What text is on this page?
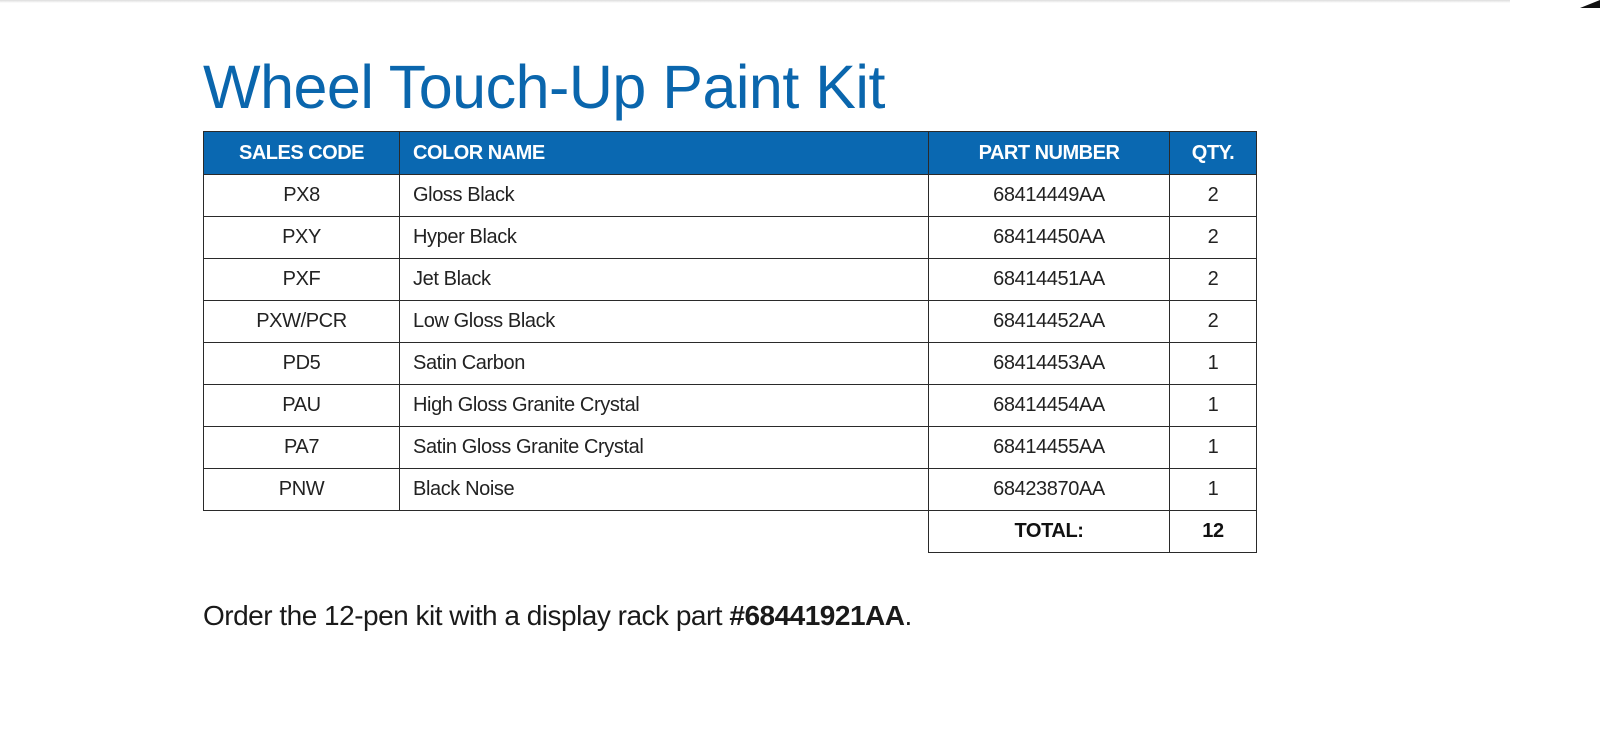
Wheel Touch-Up Paint Kit
SALES CODE	COLOR NAME	PART NUMBER	QTY.
PX8	Gloss Black	68414449AA	2
PXY	Hyper Black	68414450AA	2
PXF	Jet Black	68414451AA	2
PXW/PCR	Low Gloss Black	68414452AA	2
PD5	Satin Carbon	68414453AA	1
PAU	High Gloss Granite Crystal	68414454AA	1
PA7	Satin Gloss Granite Crystal	68414455AA	1
PNW	Black Noise	68423870AA	1
		TOTAL:	12

Order the 12-pen kit with a display rack part #68441921AA.
